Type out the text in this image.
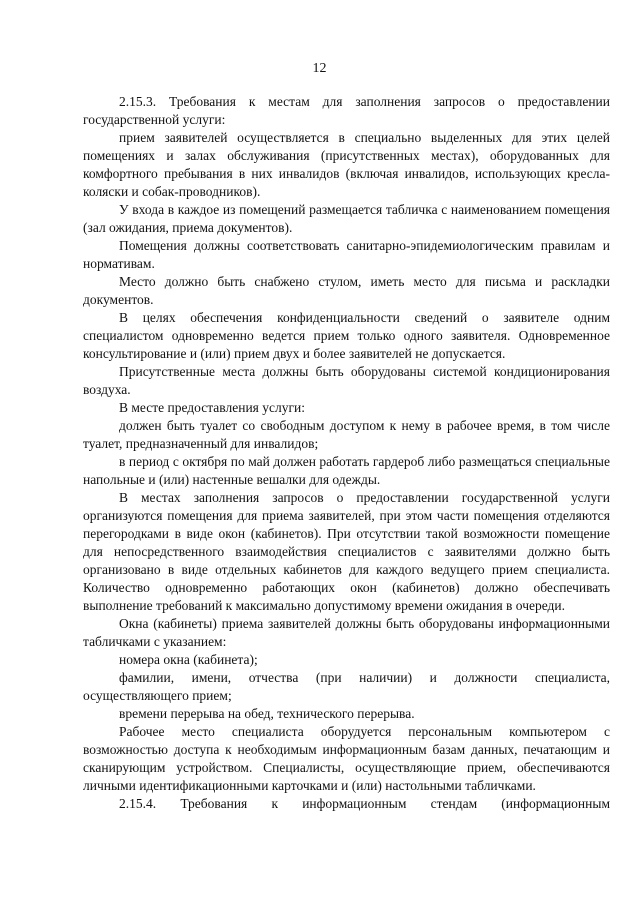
12

2.15.3. Требования к местам для заполнения запросов о предоставлении государственной услуги:

прием заявителей осуществляется в специально выделенных для этих целей помещениях и залах обслуживания (присутственных местах), оборудованных для комфортного пребывания в них инвалидов (включая инвалидов, использующих кресла-коляски и собак-проводников).

У входа в каждое из помещений размещается табличка с наименованием помещения (зал ожидания, приема документов).

Помещения должны соответствовать санитарно-эпидемиологическим правилам и нормативам.

Место должно быть снабжено стулом, иметь место для письма и раскладки документов.

В целях обеспечения конфиденциальности сведений о заявителе одним специалистом одновременно ведется прием только одного заявителя. Одновременное консультирование и (или) прием двух и более заявителей не допускается.

Присутственные места должны быть оборудованы системой кондиционирования воздуха.

В месте предоставления услуги:

должен быть туалет со свободным доступом к нему в рабочее время, в том числе туалет, предназначенный для инвалидов;

в период с октября по май должен работать гардероб либо размещаться специальные напольные и (или) настенные вешалки для одежды.

В местах заполнения запросов о предоставлении государственной услуги организуются помещения для приема заявителей, при этом части помещения отделяются перегородками в виде окон (кабинетов). При отсутствии такой возможности помещение для непосредственного взаимодействия специалистов с заявителями должно быть организовано в виде отдельных кабинетов для каждого ведущего прием специалиста. Количество одновременно работающих окон (кабинетов) должно обеспечивать выполнение требований к максимально допустимому времени ожидания в очереди.

Окна (кабинеты) приема заявителей должны быть оборудованы информационными табличками с указанием:

номера окна (кабинета);

фамилии, имени, отчества (при наличии) и должности специалиста, осуществляющего прием;

времени перерыва на обед, технического перерыва.

Рабочее место специалиста оборудуется персональным компьютером с возможностью доступа к необходимым информационным базам данных, печатающим и сканирующим устройством. Специалисты, осуществляющие прием, обеспечиваются личными идентификационными карточками и (или) настольными табличками.

2.15.4. Требования к информационным стендам (информационным
